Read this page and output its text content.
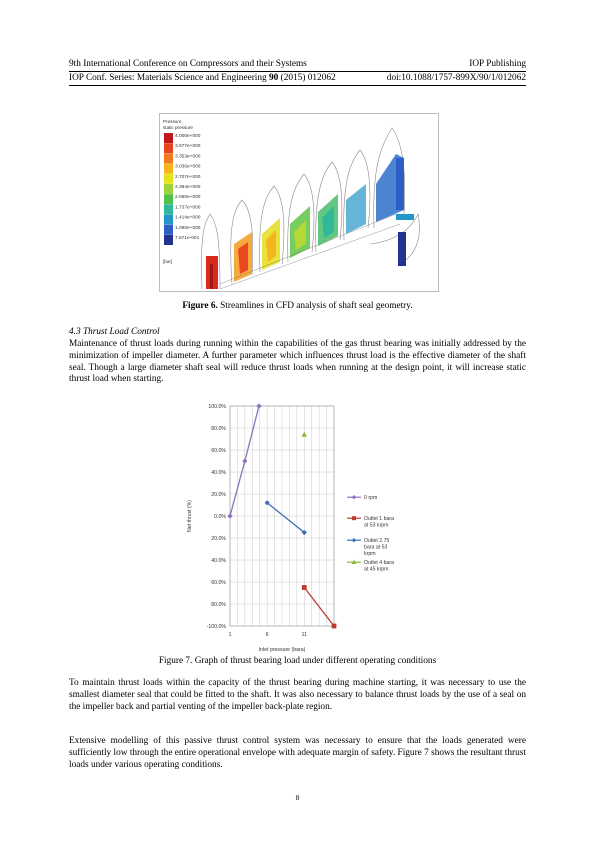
9th International Conference on Compressors and their Systems	IOP Publishing
IOP Conf. Series: Materials Science and Engineering 90 (2015) 012062	doi:10.1088/1757-899X/90/1/012062
Pressure
static pressure
4.000e+000
3.677e+000
3.353e+000
3.030e+000
2.707e+000
2.384e+000
2.060e+000
1.737e+000
1.414e+000
1.090e+000
7.671e-001
[bar]
Figure 6. Streamlines in CFD analysis of shaft seal geometry.
4.3 Thrust Load Control

Maintenance of thrust loads during running within the capabilities of the gas thrust bearing was initially addressed by the minimization of impeller diameter. A further parameter which influences thrust load is the effective diameter of the shaft seal. Though a large diameter shaft seal will reduce thrust loads when running at the design point, it will increase static thrust load when starting.

100.0%
80.0%
60.0%
40.0%
20.0%
0.0%
20.0%
40.0%
60.0%
80.0%
-100.0%
1	6	11
Inlet pressure (bara)
Net thrust (%)
0 rpm
Outlet 1 bara at 53 krpm
Outlet 2.75 bara at 53 krpm
Outlet 4 bara at 45 krpm
Figure 7. Graph of thrust bearing load under different operating conditions

To maintain thrust loads within the capacity of the thrust bearing during machine starting, it was necessary to use the smallest diameter seal that could be fitted to the shaft. It was also necessary to balance thrust loads by the use of a seal on the impeller back and partial venting of the impeller back-plate region.

Extensive modelling of this passive thrust control system was necessary to ensure that the loads generated were sufficiently low through the entire operational envelope with adequate margin of safety. Figure 7 shows the resultant thrust loads under various operating conditions.

8
